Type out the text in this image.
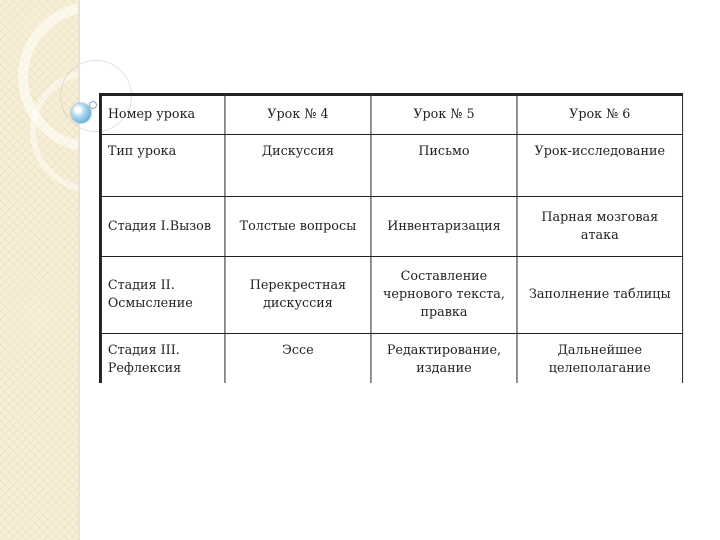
Номер урока	Урок № 4	Урок № 5	Урок № 6
Тип урока	Дискуссия	Письмо	Урок-исследование
Стадия I.Вызов	Толстые вопросы	Инвентаризация	Парная мозговая атака
Стадия II. Осмысление	Перекрестная дискуссия	Составление чернового текста, правка	Заполнение таблицы
Стадия III. Рефлексия	Эссе	Редактирование, издание	Дальнейшее целеполагание
